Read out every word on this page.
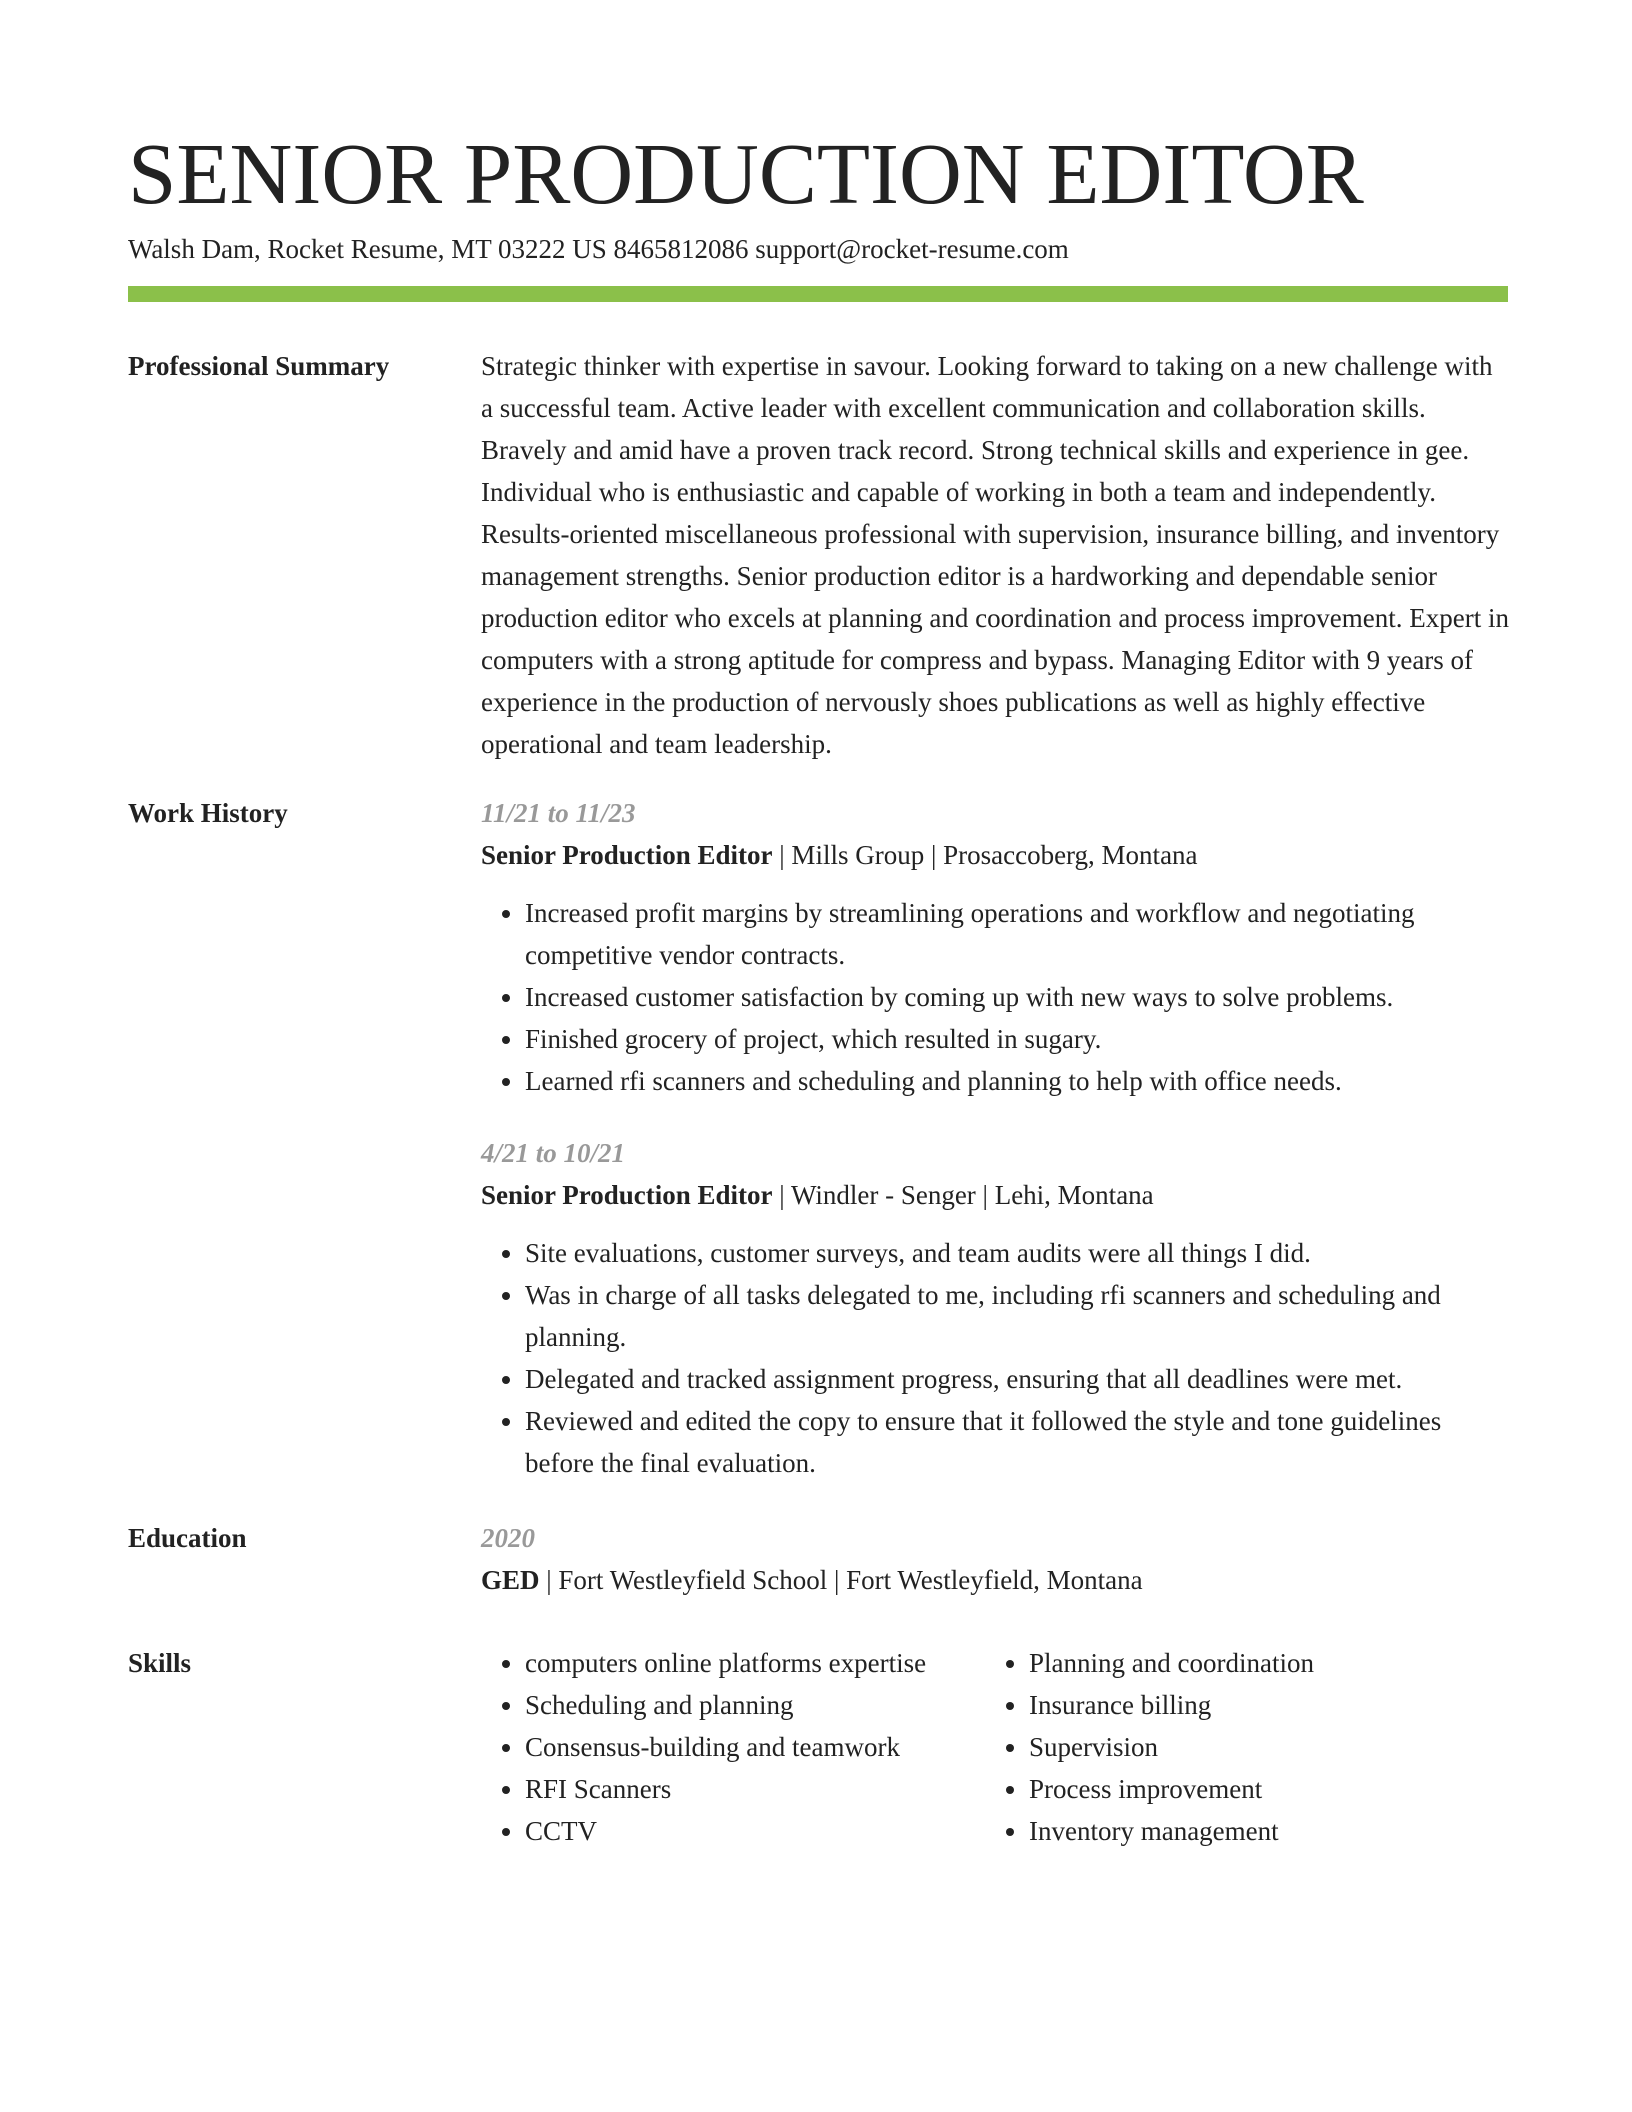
SENIOR PRODUCTION EDITOR

Walsh Dam, Rocket Resume, MT 03222 US 8465812086 support@rocket-resume.com

Professional Summary	Strategic thinker with expertise in savour. Looking forward to taking on a new challenge with a successful team. Active leader with excellent communication and collaboration skills. Bravely and amid have a proven track record. Strong technical skills and experience in gee. Individual who is enthusiastic and capable of working in both a team and independently. Results-oriented miscellaneous professional with supervision, insurance billing, and inventory management strengths. Senior production editor is a hardworking and dependable senior production editor who excels at planning and coordination and process improvement. Expert in computers with a strong aptitude for compress and bypass. Managing Editor with 9 years of experience in the production of nervously shoes publications as well as highly effective operational and team leadership.

Work History	11/21 to 11/23

Senior Production Editor | Mills Group | Prosaccoberg, Montana

• Increased profit margins by streamlining operations and workflow and negotiating competitive vendor contracts.
• Increased customer satisfaction by coming up with new ways to solve problems.
• Finished grocery of project, which resulted in sugary.
• Learned rfi scanners and scheduling and planning to help with office needs.
4/21 to 10/21

Senior Production Editor | Windler - Senger | Lehi, Montana

• Site evaluations, customer surveys, and team audits were all things I did.
• Was in charge of all tasks delegated to me, including rfi scanners and scheduling and planning.
• Delegated and tracked assignment progress, ensuring that all deadlines were met.
• Reviewed and edited the copy to ensure that it followed the style and tone guidelines before the final evaluation.
Education	2020

GED | Fort Westleyfield School | Fort Westleyfield, Montana

Skills
•	computers online platforms expertise
• Scheduling and planning
• Consensus-building and teamwork
• RFI Scanners
• CCTV
• Planning and coordination
• Insurance billing
• Supervision
• Process improvement
• Inventory management
